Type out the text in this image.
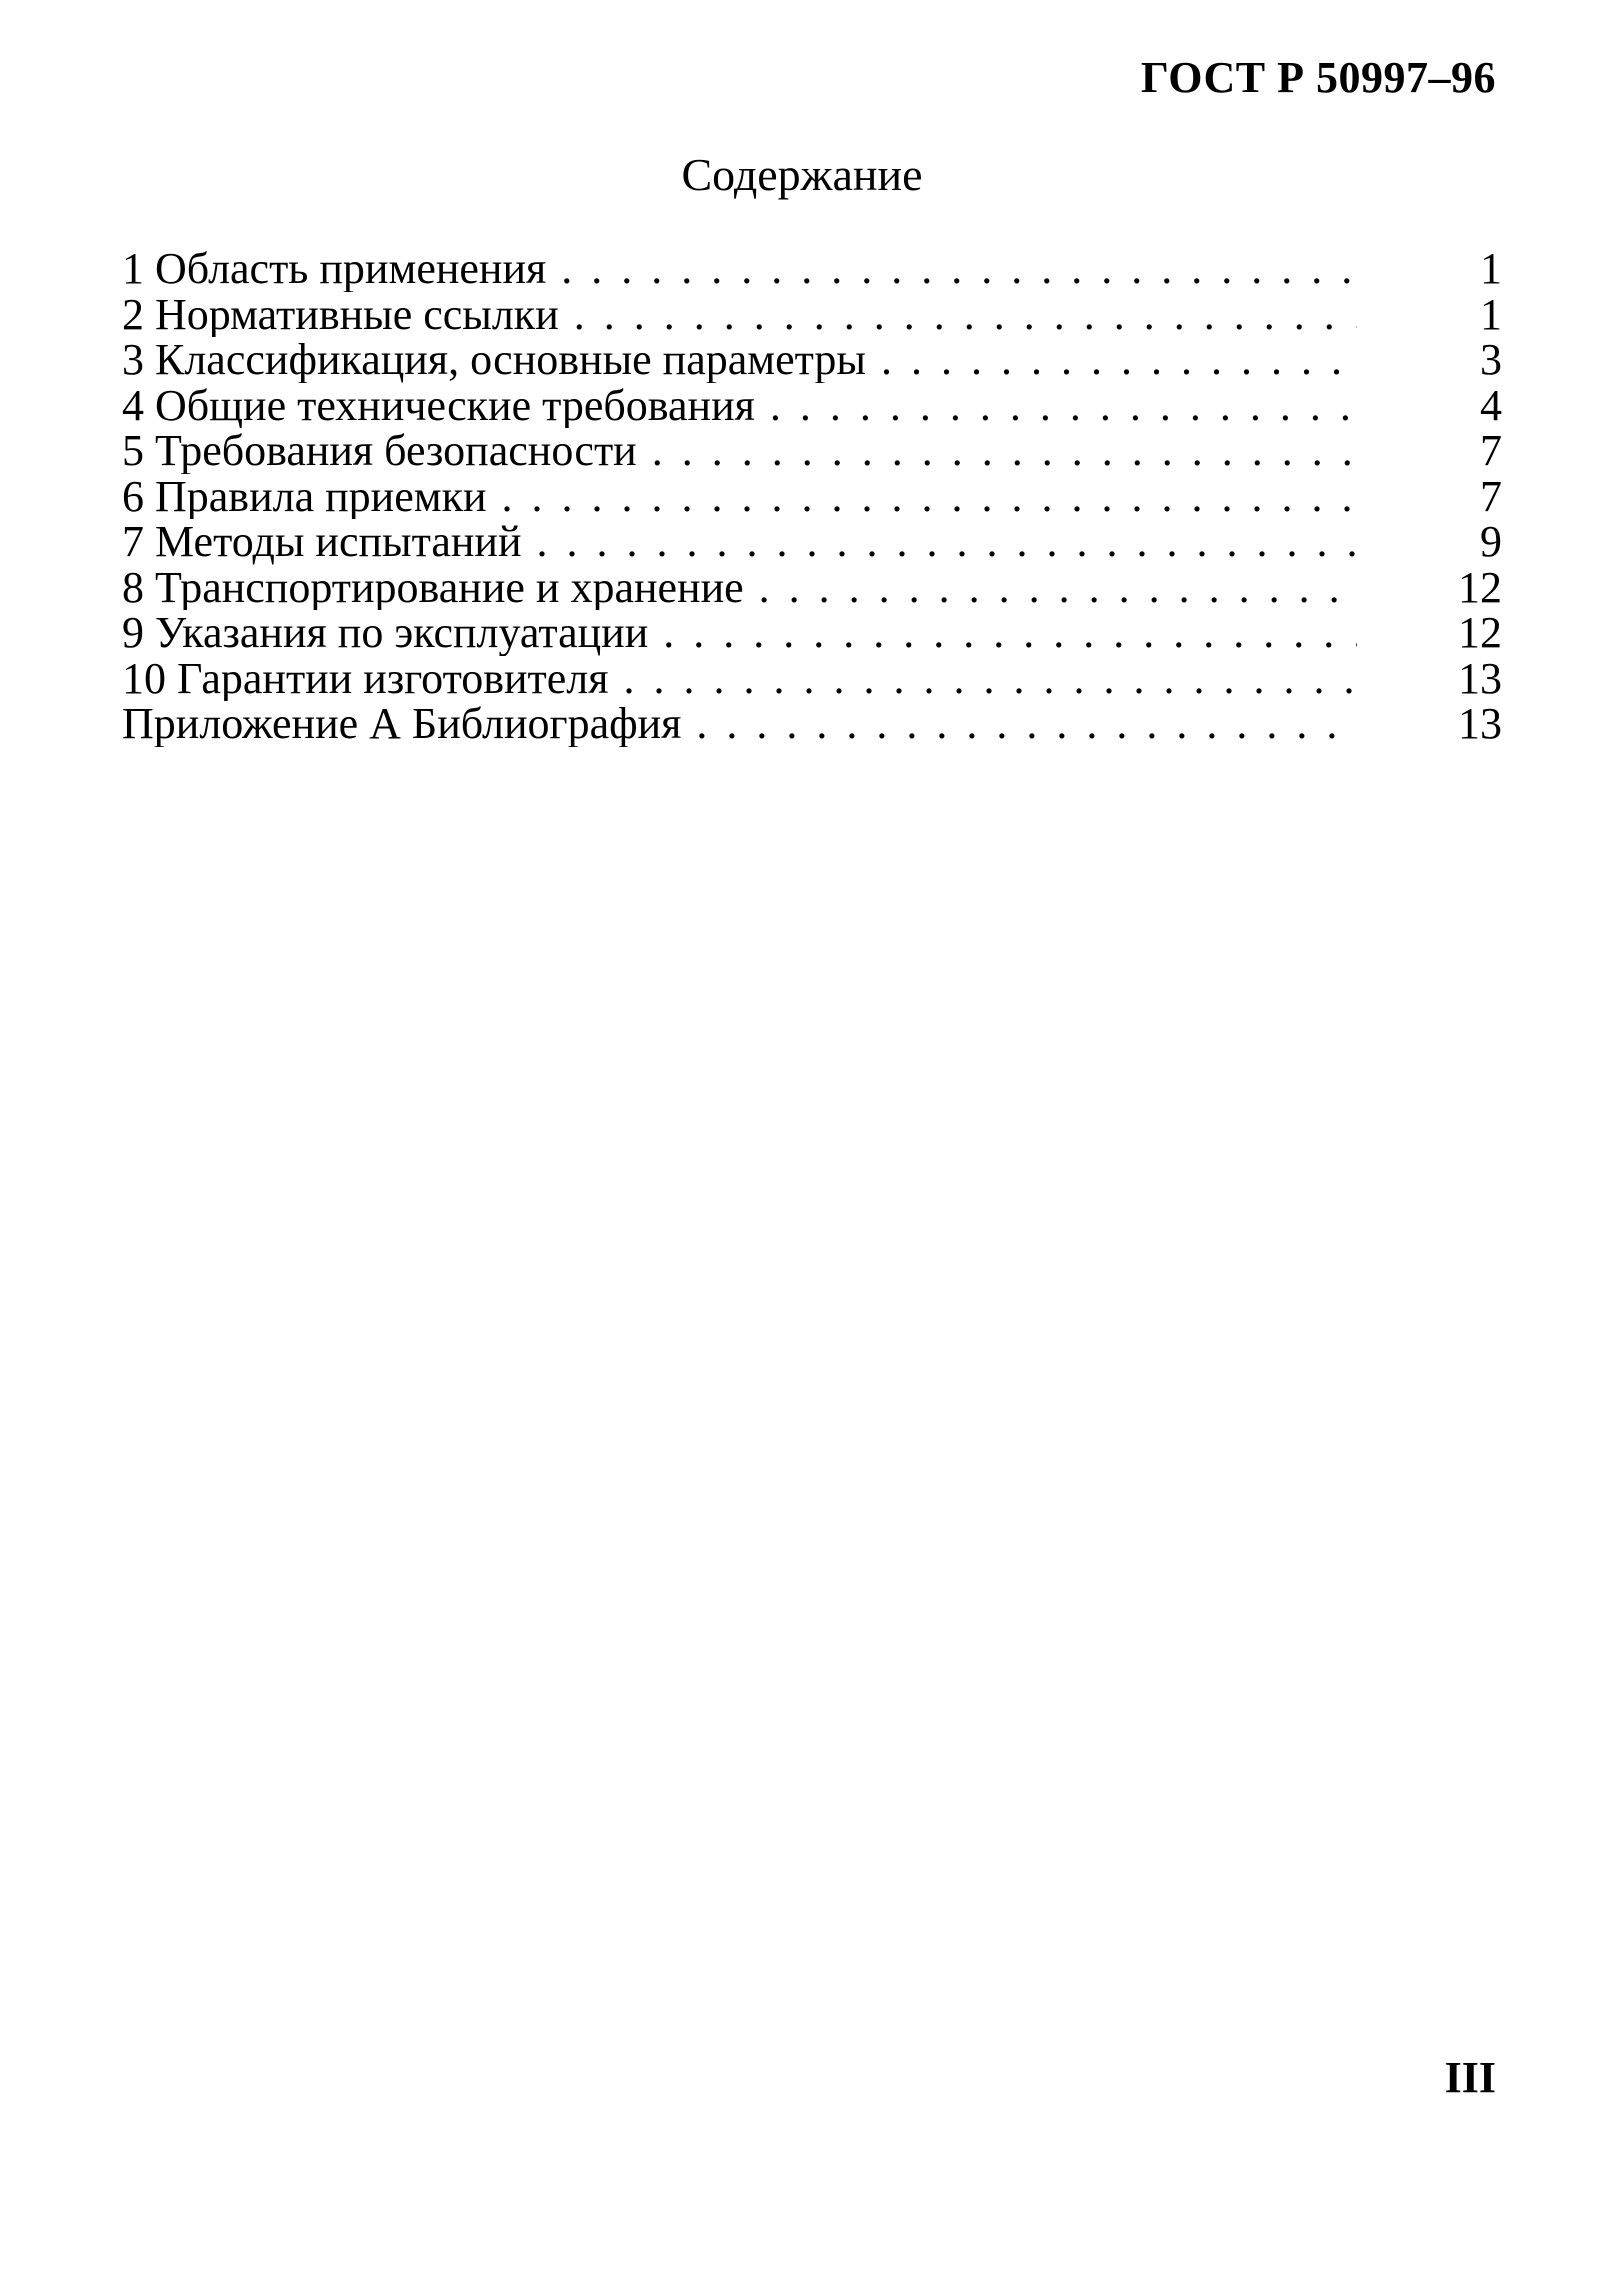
ГОСТ Р 50997–96
Содержание
1 Область применения . . .	1
2 Нормативные ссылки . . .	1
3 Классификация, основные параметры . . .	3
4 Общие технические требования . . .	4
5 Требования безопасности . . .	7
6 Правила приемки . . .	7
7 Методы испытаний . . .	9
8 Транспортирование и хранение . . .	12
9 Указания по эксплуатации . . .	12
10 Гарантии изготовителя . . .	13
Приложение А Библиография . . .	13
III
